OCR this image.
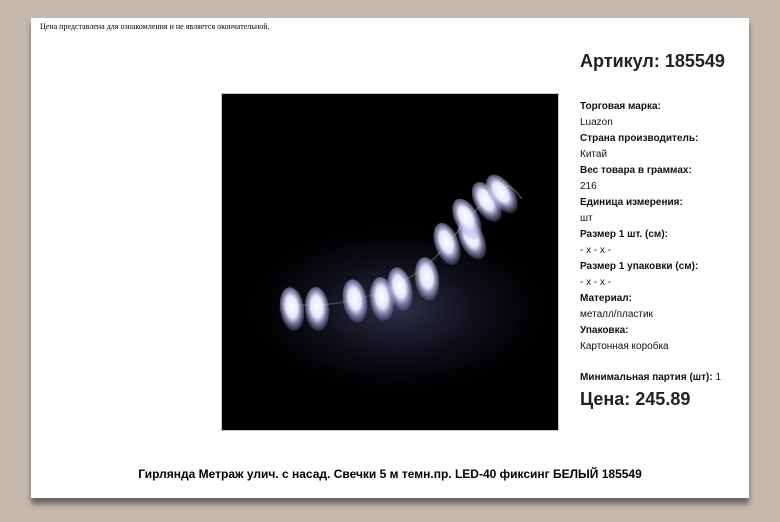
Цена представлена для ознакомления и не является окончательной.
Артикул: 185549
Торговая марка:
Luazon
Страна производитель:
Китай
Вес товара в граммах:
216
Единица измерения:
шт
Размер 1 шт. (см):
- х - х -
Размер 1 упаковки (см):
- х - х -
Материал:
металл/пластик
Упаковка:
Картонная коробка
Минимальная партия (шт): 1
Цена: 245.89
Гирлянда Метраж улич. с насад. Свечки 5 м темн.пр. LED-40 фиксинг БЕЛЫЙ 185549
